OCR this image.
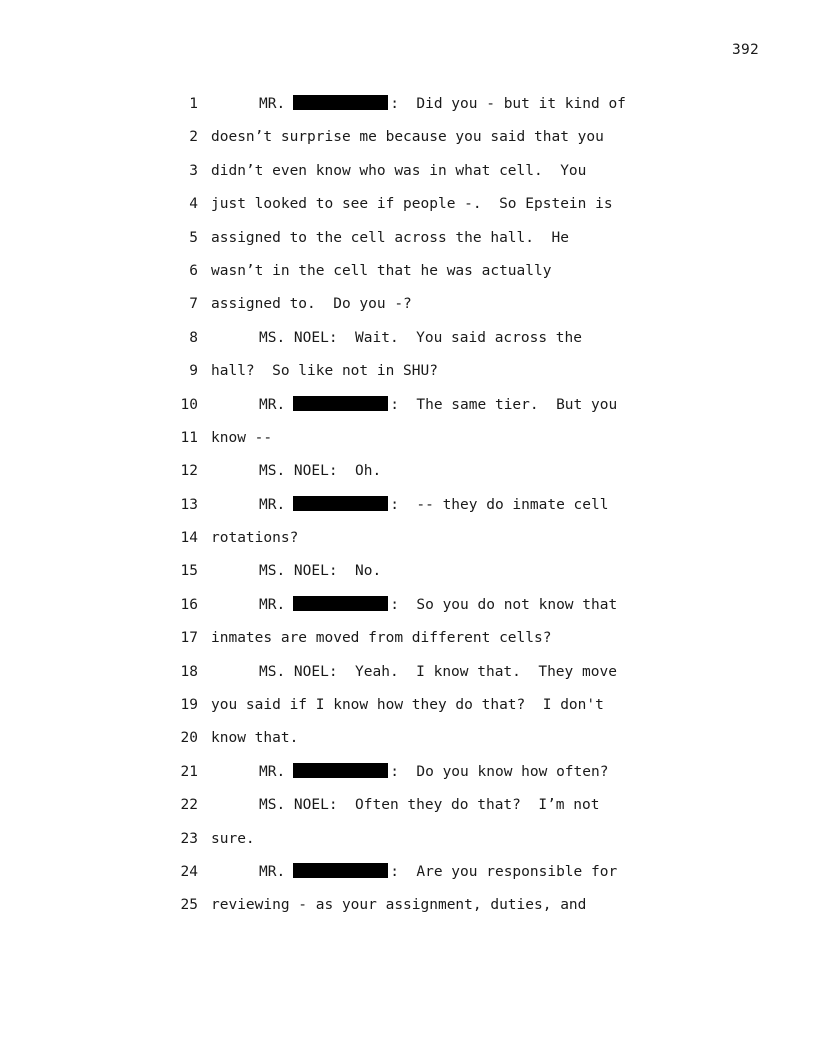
392
1	MR.	:  Did you - but it kind of
2 doesn’t surprise me because you said that you
3 didn’t even know who was in what cell.  You
4 just looked to see if people -.  So Epstein is
5 assigned to the cell across the hall.  He
6 wasn’t in the cell that he was actually
7 assigned to.  Do you -?
8	MS. NOEL:  Wait.  You said across the
9 hall?  So like not in SHU?
10	MR.	:  The same tier.  But you
11 know --
12	MS. NOEL:  Oh.
13	MR.	:  -- they do inmate cell
14 rotations?
15	MS. NOEL:  No.
16	MR.	:  So you do not know that
17 inmates are moved from different cells?
18	MS. NOEL:  Yeah.  I know that.  They move
19 you said if I know how they do that?  I don't
20 know that.
21	MR.	:  Do you know how often?
22	MS. NOEL:  Often they do that?  I’m not
23 sure.
24	MR.	:  Are you responsible for
25 reviewing - as your assignment, duties, and
